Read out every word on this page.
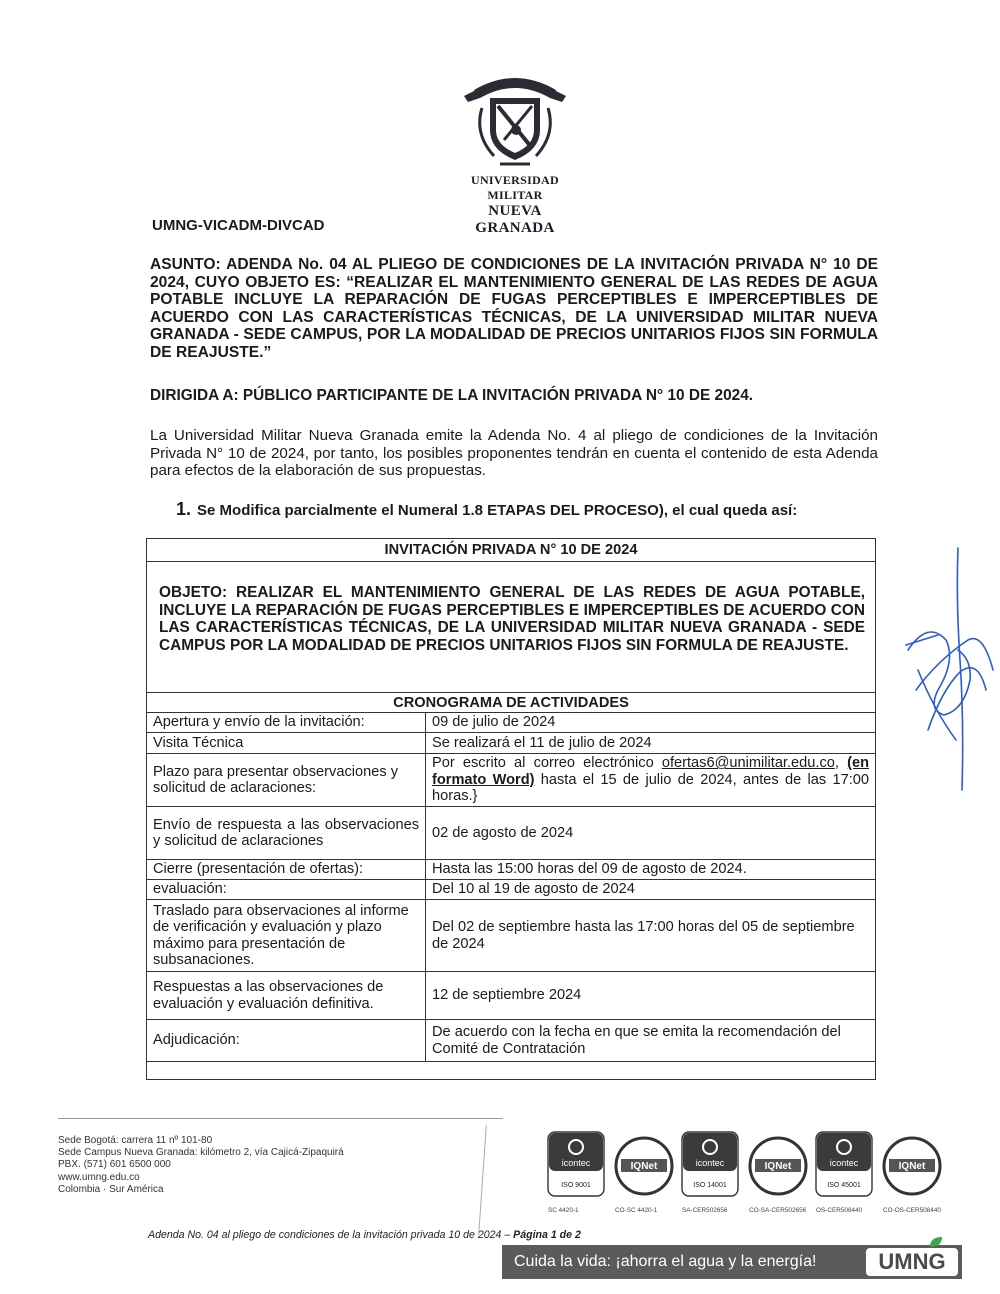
UNIVERSIDAD MILITAR
NUEVA GRANADA
UMNG-VICADM-DIVCAD
ASUNTO: ADENDA No. 04 AL PLIEGO DE CONDICIONES DE LA INVITACIÓN PRIVADA N° 10 DE 2024, CUYO OBJETO ES: “REALIZAR EL MANTENIMIENTO GENERAL DE LAS REDES DE AGUA POTABLE INCLUYE LA REPARACIÓN DE FUGAS PERCEPTIBLES E IMPERCEPTIBLES DE ACUERDO CON LAS CARACTERÍSTICAS TÉCNICAS, DE LA UNIVERSIDAD MILITAR NUEVA GRANADA - SEDE CAMPUS, POR LA MODALIDAD DE PRECIOS UNITARIOS FIJOS SIN FORMULA DE REAJUSTE.”
DIRIGIDA A: PÚBLICO PARTICIPANTE DE LA INVITACIÓN PRIVADA N° 10 DE 2024.
La Universidad Militar Nueva Granada emite la Adenda No. 4 al pliego de condiciones de la Invitación Privada N° 10 de 2024, por tanto, los posibles proponentes tendrán en cuenta el contenido de esta Adenda para efectos de la elaboración de sus propuestas.
1. Se Modifica parcialmente el Numeral 1.8 ETAPAS DEL PROCESO), el cual queda así:
INVITACIÓN PRIVADA N° 10 DE 2024
OBJETO: REALIZAR EL MANTENIMIENTO GENERAL DE LAS REDES DE AGUA POTABLE, INCLUYE LA REPARACIÓN DE FUGAS PERCEPTIBLES E IMPERCEPTIBLES DE ACUERDO CON LAS CARACTERÍSTICAS TÉCNICAS, DE LA UNIVERSIDAD MILITAR NUEVA GRANADA - SEDE CAMPUS POR LA MODALIDAD DE PRECIOS UNITARIOS FIJOS SIN FORMULA DE REAJUSTE.
CRONOGRAMA DE ACTIVIDADES	
Apertura y envío de la invitación:	09 de julio de 2024
Visita Técnica	Se realizará el 11 de julio de 2024
Plazo para presentar observaciones y solicitud de aclaraciones:	Por escrito al correo electrónico ofertas6@unimilitar.edu.co, (en formato Word) hasta el 15 de julio de 2024, antes de las 17:00 horas.}
Envío de respuesta a las observaciones y solicitud de aclaraciones	02 de agosto de 2024
Cierre (presentación de ofertas):	Hasta las 15:00 horas del 09 de agosto de 2024.
evaluación:	Del 10 al 19 de agosto de 2024
Traslado para observaciones al informe de verificación y evaluación y plazo máximo para presentación de subsanaciones.	Del 02 de septiembre hasta las 17:00 horas del 05 de septiembre de 2024
Respuestas a las observaciones de evaluación y evaluación definitiva.	12 de septiembre 2024
Adjudicación:	De acuerdo con la fecha en que se emita la recomendación del Comité de Contratación
Sede Bogotá: carrera 11 nº 101-80
Sede Campus Nueva Granada: kilómetro 2, vía Cajicá-Zipaquirá
PBX. (571) 601 6500 000
www.umng.edu.co
Colombia · Sur América
icontec
ISO 9001
SC 4420-1
IQNet
CO-SC 4420-1
icontec
ISO 14001
SA-CER502656
IQNet
CO-SA-CER502656
icontec
ISO 45001
OS-CER508440
IQNet
CO-OS-CER508440
Adenda No. 04 al pliego de condiciones de la invitación privada 10 de 2024 – Página 1 de 2
Cuida la vida: ¡ahorra el agua y la energía!	UMNG
